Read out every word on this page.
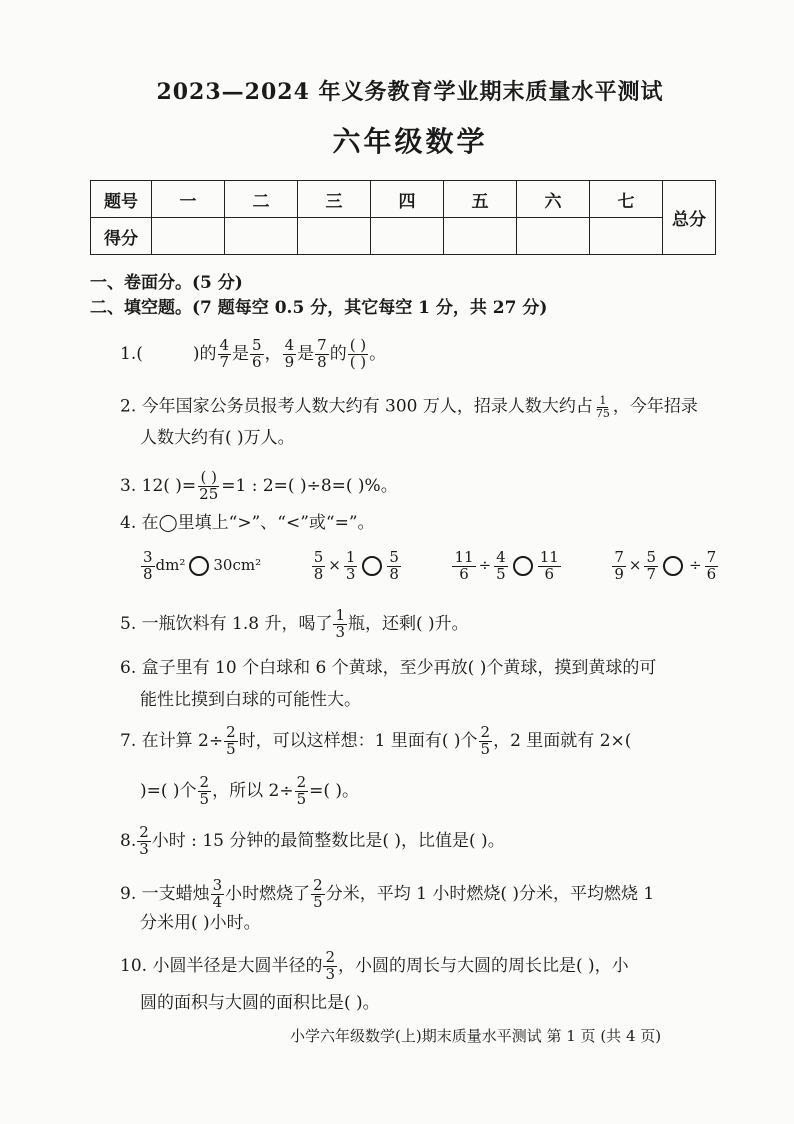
2023—2024 年义务教育学业期末质量水平测试
六年级数学
题号	一	二	三	四	五	六	七	总分
得分								
一、卷面分。(5 分)
二、填空题。(7 题每空 0.5 分，其它每空 1 分，共 27 分)
1.(	)的 $\frac{4}{7}$ 是 $\frac{5}{6}$ ， $\frac{4}{9}$ 是 $\frac{7}{8}$ 的 $\frac{( )}{( )}$ 。
2. 今年国家公务员报考人数大约有 300 万人，招录人数大约占 $\frac{1}{75}$ ，今年招录
人数大约有( )万人。
3. 12( )= $\frac{( )}{25} =1$ : 2=( )÷8=( )%。
4. 在◯里填上“>”、“<”或“=”。
$\frac{3}{8} dm^2$ 30cm²	$\frac{5}{8} \times \frac{1}{3} \frac{5}{8}$
	$\frac{11}{6} \div \frac{4}{5} \frac{11}{6}$
	$\frac{7}{9} \times \frac{5}{7} \div \frac{7}{6}$
5. 一瓶饮料有 1.8 升，喝了 $\frac{1}{3}$ 瓶，还剩( )升。
6. 盒子里有 10 个白球和 6 个黄球，至少再放( )个黄球，摸到黄球的可
能性比摸到白球的可能性大。
7. 在计算 $2\div \frac{2}{5}$ 时，可以这样想：1 里面有( )个 $\frac{2}{5}$ ，2 里面就有 2×(
)=( )个 $\frac{2}{5}$ ，所以 $2\div \frac{2}{5}$ =( )。
8. $\frac{2}{3}$ 小时 : 15 分钟的最简整数比是( )，比值是( )。
9. 一支蜡烛 $\frac{3}{4}$ 小时燃烧了 $\frac{2}{5}$ 分米，平均 1 小时燃烧( )分米，平均燃烧 1
分米用( )小时。
10. 小圆半径是大圆半径的 $\frac{2}{3}$ ，小圆的周长与大圆的周长比是( )，小
圆的面积与大圆的面积比是( )。
小学六年级数学(上)期末质量水平测试 第 1 页 (共 4 页)
